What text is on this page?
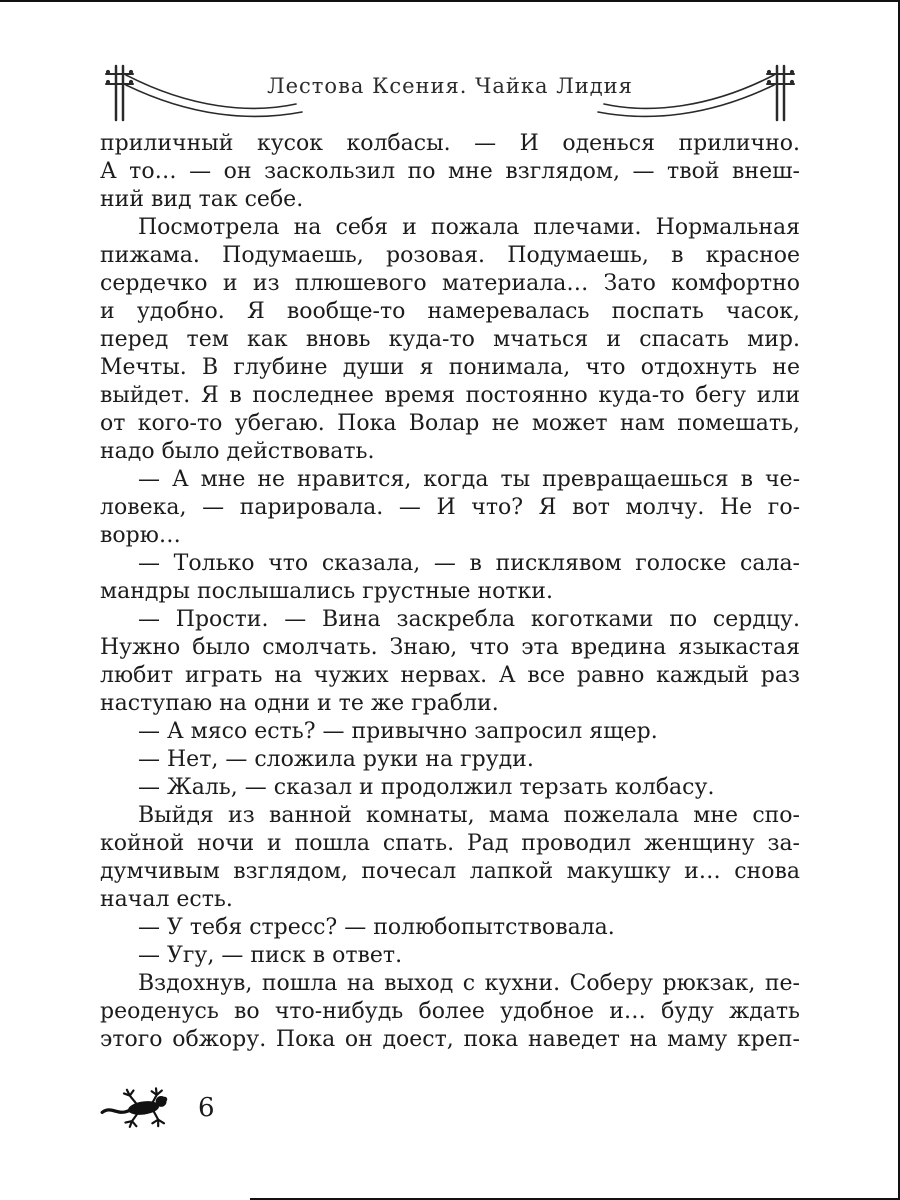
Лестова Ксения. Чайка Лидия
приличный кусок колбасы. — И оденься прилично.
А то… — он заскользил по мне взглядом, — твой внеш-
ний вид так себе.
Посмотрела на себя и пожала плечами. Нормальная
пижама. Подумаешь, розовая. Подумаешь, в красное
сердечко и из плюшевого материала… Зато комфортно
и удобно. Я вообще-то намеревалась поспать часок,
перед тем как вновь куда-то мчаться и спасать мир.
Мечты. В глубине души я понимала, что отдохнуть не
выйдет. Я в последнее время постоянно куда-то бегу или
от кого-то убегаю. Пока Волар не может нам помешать,
надо было действовать.
— А мне не нравится, когда ты превращаешься в че-
ловека, — парировала. — И что? Я вот молчу. Не го-
ворю…
— Только что сказала, — в писклявом голоске сала-
мандры послышались грустные нотки.
— Прости. — Вина заскребла коготками по сердцу.
Нужно было смолчать. Знаю, что эта вредина языкастая
любит играть на чужих нервах. А все равно каждый раз
наступаю на одни и те же грабли.
— А мясо есть? — привычно запросил ящер.
— Нет, — сложила руки на груди.
— Жаль, — сказал и продолжил терзать колбасу.
Выйдя из ванной комнаты, мама пожелала мне спо-
койной ночи и пошла спать. Рад проводил женщину за-
думчивым взглядом, почесал лапкой макушку и… снова
начал есть.
— У тебя стресс? — полюбопытствовала.
— Угу, — писк в ответ.
Вздохнув, пошла на выход с кухни. Соберу рюкзак, пе-
реоденусь во что-нибудь более удобное и… буду ждать
этого обжору. Пока он доест, пока наведет на маму креп-
6
